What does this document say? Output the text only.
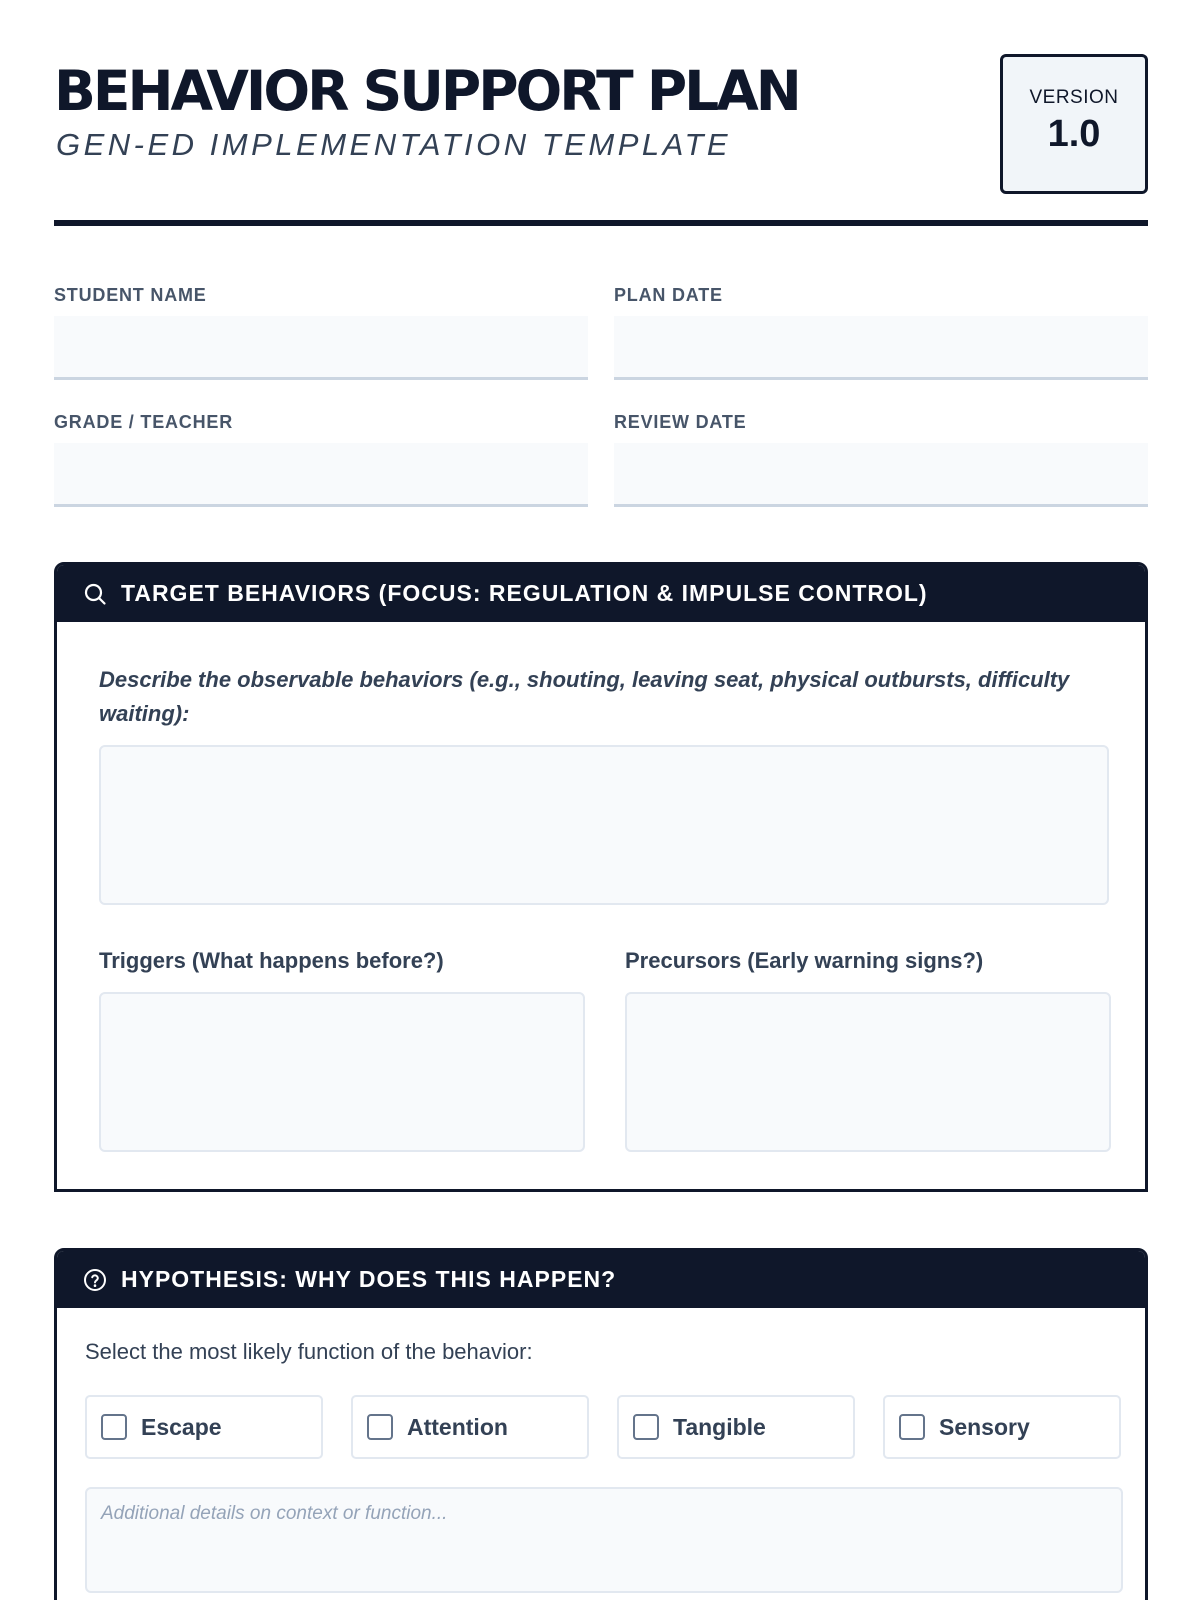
BEHAVIOR SUPPORT PLAN
GEN-ED IMPLEMENTATION TEMPLATE
VERSION
1.0
STUDENT NAME	PLAN DATE
GRADE / TEACHER	REVIEW DATE
TARGET BEHAVIORS (FOCUS: REGULATION & IMPULSE CONTROL)
Describe the observable behaviors (e.g., shouting, leaving seat, physical outbursts, difficulty waiting):
Triggers (What happens before?)	Precursors (Early warning signs?)
HYPOTHESIS: WHY DOES THIS HAPPEN?
Select the most likely function of the behavior:
Escape	Attention	Tangible	Sensory
Additional details on context or function...
